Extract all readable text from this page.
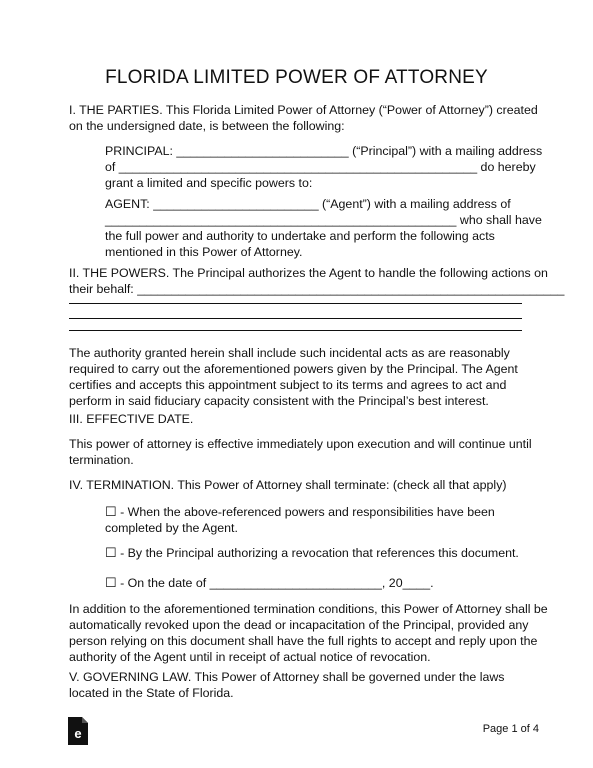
FLORIDA LIMITED POWER OF ATTORNEY
I. THE PARTIES. This Florida Limited Power of Attorney (“Power of Attorney”) created
on the undersigned date, is between the following:
PRINCIPAL: _________________________ (“Principal”) with a mailing address
of ____________________________________________________ do hereby
grant a limited and specific powers to:
AGENT: ________________________ (“Agent”) with a mailing address of
___________________________________________________ who shall have
the full power and authority to undertake and perform the following acts
mentioned in this Power of Attorney.
II. THE POWERS. The Principal authorizes the Agent to handle the following actions on
their behalf: ______________________________________________________________
The authority granted herein shall include such incidental acts as are reasonably
required to carry out the aforementioned powers given by the Principal. The Agent
certifies and accepts this appointment subject to its terms and agrees to act and
perform in said fiduciary capacity consistent with the Principal’s best interest.
III. EFFECTIVE DATE.
This power of attorney is effective immediately upon execution and will continue until
termination.
IV. TERMINATION. This Power of Attorney shall terminate: (check all that apply)
☐ - When the above-referenced powers and responsibilities have been
completed by the Agent.
☐ - By the Principal authorizing a revocation that references this document.
☐ - On the date of _________________________, 20____.
In addition to the aforementioned termination conditions, this Power of Attorney shall be
automatically revoked upon the dead or incapacitation of the Principal, provided any
person relying on this document shall have the full rights to accept and reply upon the
authority of the Agent until in receipt of actual notice of revocation.
V. GOVERNING LAW. This Power of Attorney shall be governed under the laws
located in the State of Florida.
e	Page 1 of 4
